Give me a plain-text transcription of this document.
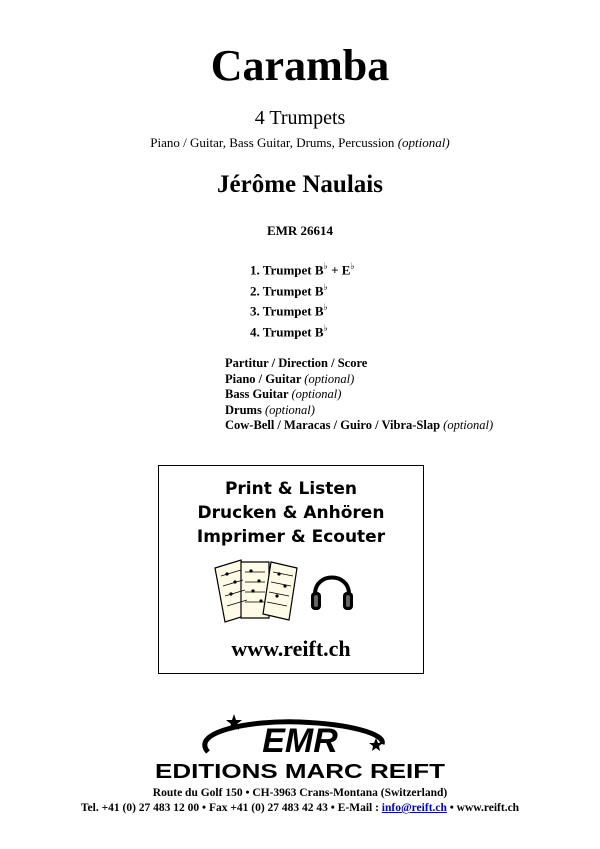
Caramba
4 Trumpets
Piano / Guitar, Bass Guitar, Drums, Percussion (optional)
Jérôme Naulais
EMR 26614
1. Trumpet B♭ + E♭
2. Trumpet B♭
3. Trumpet B♭
4. Trumpet B♭
Partitur / Direction / Score
Piano / Guitar (optional)
Bass Guitar (optional)
Drums (optional)
Cow-Bell / Maracas / Guiro / Vibra-Slap (optional)
Print & Listen
Drucken & Anhören
Imprimer & Ecouter
www.reift.ch
EMR
EDITIONS MARC REIFT
Route du Golf 150 • CH-3963 Crans-Montana (Switzerland)
Tel. +41 (0) 27 483 12 00 • Fax +41 (0) 27 483 42 43 • E-Mail : info@reift.ch • www.reift.ch
